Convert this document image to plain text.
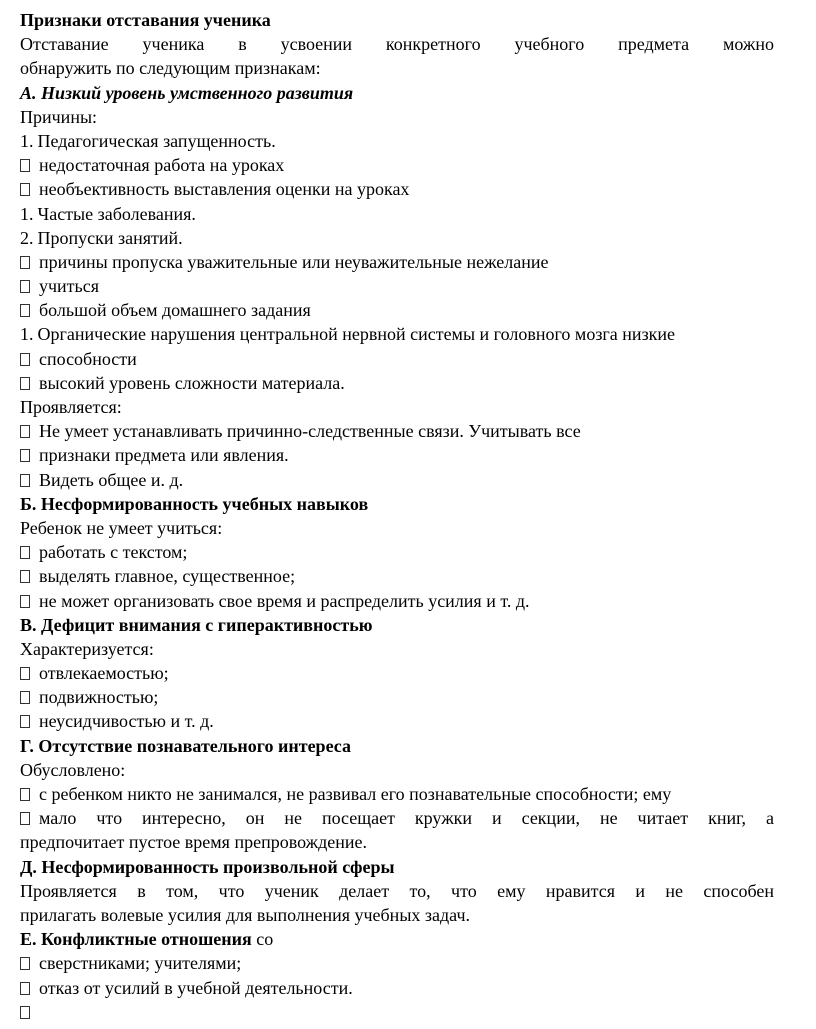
Признаки отставания ученика
Отставание ученика в усвоении конкретного учебного предмета можно
обнаружить по следующим признакам:
А. Низкий уровень умственного развития
Причины:
1. Педагогическая запущенность.
недостаточная работа на уроках
необъективность выставления оценки на уроках
1. Частые заболевания.
2. Пропуски занятий.
причины пропуска уважительные или неуважительные нежелание
учиться
большой объем домашнего задания
1. Органические нарушения центральной нервной системы и головного мозга низкие
способности
высокий уровень сложности материала.
Проявляется:
Не умеет устанавливать причинно-следственные связи. Учитывать все
признаки предмета или явления.
Видеть общее и. д.
Б. Несформированность учебных навыков
Ребенок не умеет учиться:
работать с текстом;
выделять главное, существенное;
не может организовать свое время и распределить усилия и т. д.
В. Дефицит внимания с гиперактивностью
Характеризуется:
отвлекаемостью;
подвижностью;
неусидчивостью и т. д.
Г. Отсутствие познавательного интереса
Обусловлено:
с ребенком никто не занимался, не развивал его познавательные способности; ему
мало что интересно, он не посещает кружки и секции, не читает книг, а
предпочитает пустое время препровождение.
Д. Несформированность произвольной сферы
Проявляется в том, что ученик делает то, что ему нравится и не способен
прилагать волевые усилия для выполнения учебных задач.
Е. Конфликтные отношения со
сверстниками; учителями;
отказ от усилий в учебной деятельности.
